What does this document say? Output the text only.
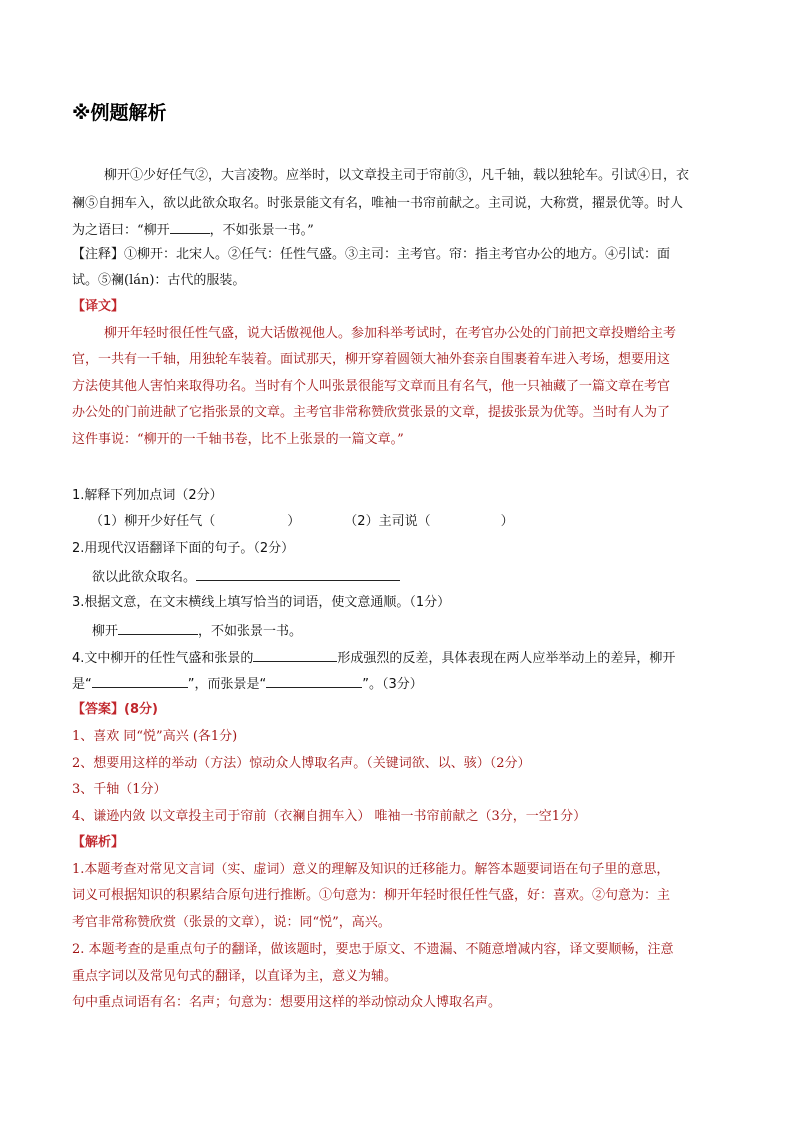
※例题解析
柳开①少好任气②，大言凌物。应举时，以文章投主司于帘前③，凡千轴，载以独轮车。引试④日，衣
襕⑤自拥车入，欲以此欲众取名。时张景能文有名，唯袖一书帘前献之。主司说，大称赏，擢景优等。时人
为之语曰：“柳开	，不如张景一书。”
【注释】①柳开：北宋人。②任气：任性气盛。③主司：主考官。帘：指主考官办公的地方。④引试：面
试。⑤襕(lán)：古代的服装。
【译文】
柳开年轻时很任性气盛，说大话傲视他人。参加科举考试时，在考官办公处的门前把文章投赠给主考
官，一共有一千轴，用独轮车装着。面试那天，柳开穿着圆领大袖外套亲自围裹着车进入考场，想要用这
方法使其他人害怕来取得功名。当时有个人叫张景很能写文章而且有名气，他一只袖藏了一篇文章在考官
办公处的门前进献了它指张景的文章。主考官非常称赞欣赏张景的文章，提拔张景为优等。当时有人为了
这件事说：“柳开的一千轴书卷，比不上张景的一篇文章。”
1.解释下列加点词（2分）
（1）柳开少好任气（	）	（2）主司说（	）
2.用现代汉语翻译下面的句子。（2分）
欲以此欲众取名。
3.根据文意，在文末横线上填写恰当的词语，使文意通顺。（1分）
柳开	，不如张景一书。
4.文中柳开的任性气盛和张景的	形成强烈的反差，具体表现在两人应举举动上的差异，柳开
是“	”，而张景是“	”。（3分）
【答案】(8分)
1、喜欢 同“悦”高兴 (各1分)
2、想要用这样的举动（方法）惊动众人博取名声。（关键词欲、以、骇）（2分）
3、千轴（1分）
4、谦逊内敛 以文章投主司于帘前（衣襕自拥车入） 唯袖一书帘前献之（3分，一空1分）
【解析】
1.本题考查对常见文言词（实、虚词）意义的理解及知识的迁移能力。解答本题要词语在句子里的意思，
词义可根据知识的积累结合原句进行推断。①句意为：柳开年轻时很任性气盛，好：喜欢。②句意为：主
考官非常称赞欣赏（张景的文章），说：同“悦”，高兴。
2. 本题考查的是重点句子的翻译，做该题时，要忠于原文、不遗漏、不随意增减内容，译文要顺畅，注意
重点字词以及常见句式的翻译，以直译为主，意义为辅。
句中重点词语有名：名声；句意为：想要用这样的举动惊动众人博取名声。
